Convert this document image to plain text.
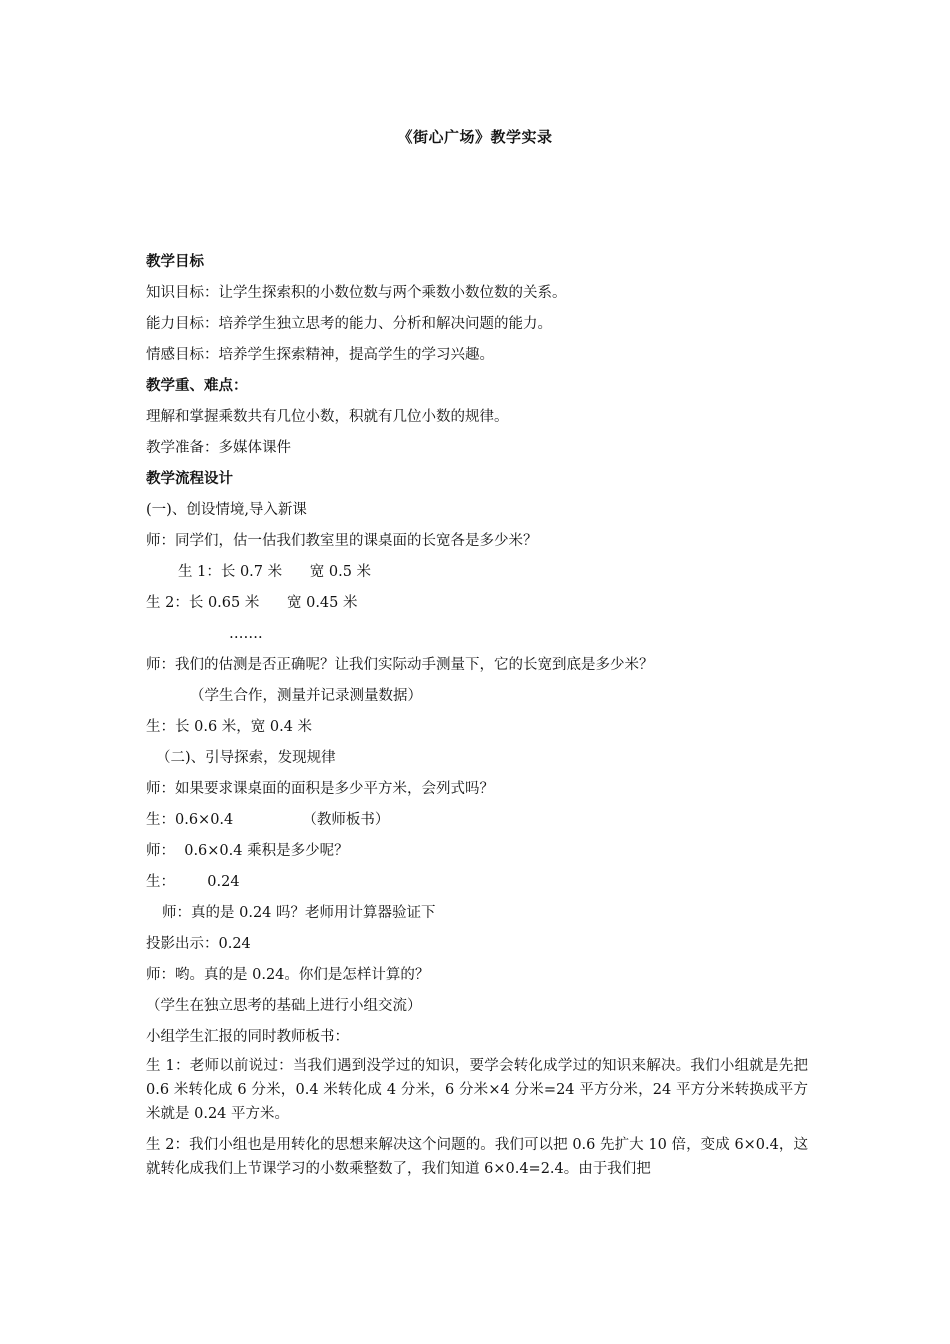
《街心广场》教学实录
教学目标
知识目标：让学生探索积的小数位数与两个乘数小数位数的关系。
能力目标：培养学生独立思考的能力、分析和解决问题的能力。
情感目标：培养学生探索精神，提高学生的学习兴趣。
教学重、难点：
理解和掌握乘数共有几位小数，积就有几位小数的规律。
教学准备：多媒体课件
教学流程设计
(一)、创设情境,导入新课
师：同学们，估一估我们教室里的课桌面的长宽各是多少米？
生 1：长 0.7 米      宽 0.5 米
生 2：长 0.65 米      宽 0.45 米
…….
师：我们的估测是否正确呢？让我们实际动手测量下，它的长宽到底是多少米？
（学生合作，测量并记录测量数据）
生：长 0.6 米，宽 0.4 米
（二)、引导探索，发现规律
师：如果要求课桌面的面积是多少平方米，会列式吗？
生：0.6×0.4               （教师板书）
师：  0.6×0.4 乘积是多少呢？
生：       0.24
师：真的是 0.24 吗？老师用计算器验证下
投影出示：0.24
师：哟。真的是 0.24。你们是怎样计算的？
（学生在独立思考的基础上进行小组交流）
小组学生汇报的同时教师板书：
生 1：老师以前说过：当我们遇到没学过的知识，要学会转化成学过的知识来解决。我们小组就是先把 0.6 米转化成 6 分米，0.4 米转化成 4 分米，6 分米×4 分米=24 平方分米，24 平方分米转换成平方米就是 0.24 平方米。
生 2：我们小组也是用转化的思想来解决这个问题的。我们可以把 0.6 先扩大 10 倍，变成 6×0.4，这就转化成我们上节课学习的小数乘整数了，我们知道 6×0.4=2.4。由于我们把
